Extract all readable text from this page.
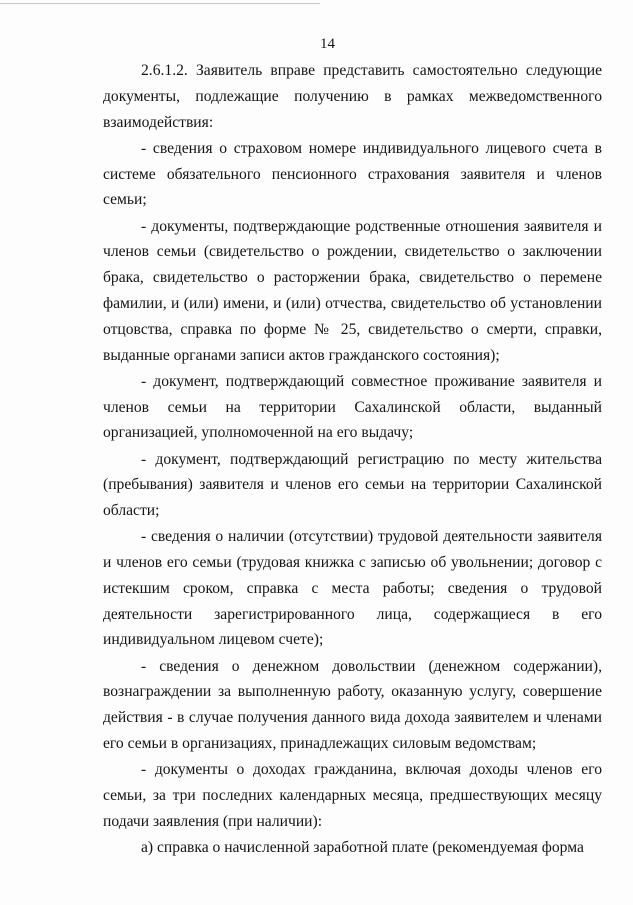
14

2.6.1.2. Заявитель вправе представить самостоятельно следующие документы, подлежащие получению в рамках межведомственного взаимодействия:

- сведения о страховом номере индивидуального лицевого счета в системе обязательного пенсионного страхования заявителя и членов семьи;

- документы, подтверждающие родственные отношения заявителя и членов семьи (свидетельство о рождении, свидетельство о заключении брака, свидетельство о расторжении брака, свидетельство о перемене фамилии, и (или) имени, и (или) отчества, свидетельство об установлении отцовства, справка по форме № 25, свидетельство о смерти, справки, выданные органами записи актов гражданского состояния);

- документ, подтверждающий совместное проживание заявителя и членов семьи на территории Сахалинской области, выданный организацией, уполномоченной на его выдачу;

- документ, подтверждающий регистрацию по месту жительства (пребывания) заявителя и членов его семьи на территории Сахалинской области;

- сведения о наличии (отсутствии) трудовой деятельности заявителя и членов его семьи (трудовая книжка с записью об увольнении; договор с истекшим сроком, справка с места работы; сведения о трудовой деятельности зарегистрированного лица, содержащиеся в его индивидуальном лицевом счете);

- сведения о денежном довольствии (денежном содержании), вознаграждении за выполненную работу, оказанную услугу, совершение действия - в случае получения данного вида дохода заявителем и членами его семьи в организациях, принадлежащих силовым ведомствам;

- документы о доходах гражданина, включая доходы членов его семьи, за три последних календарных месяца, предшествующих месяцу подачи заявления (при наличии):

а) справка о начисленной заработной плате (рекомендуемая форма
